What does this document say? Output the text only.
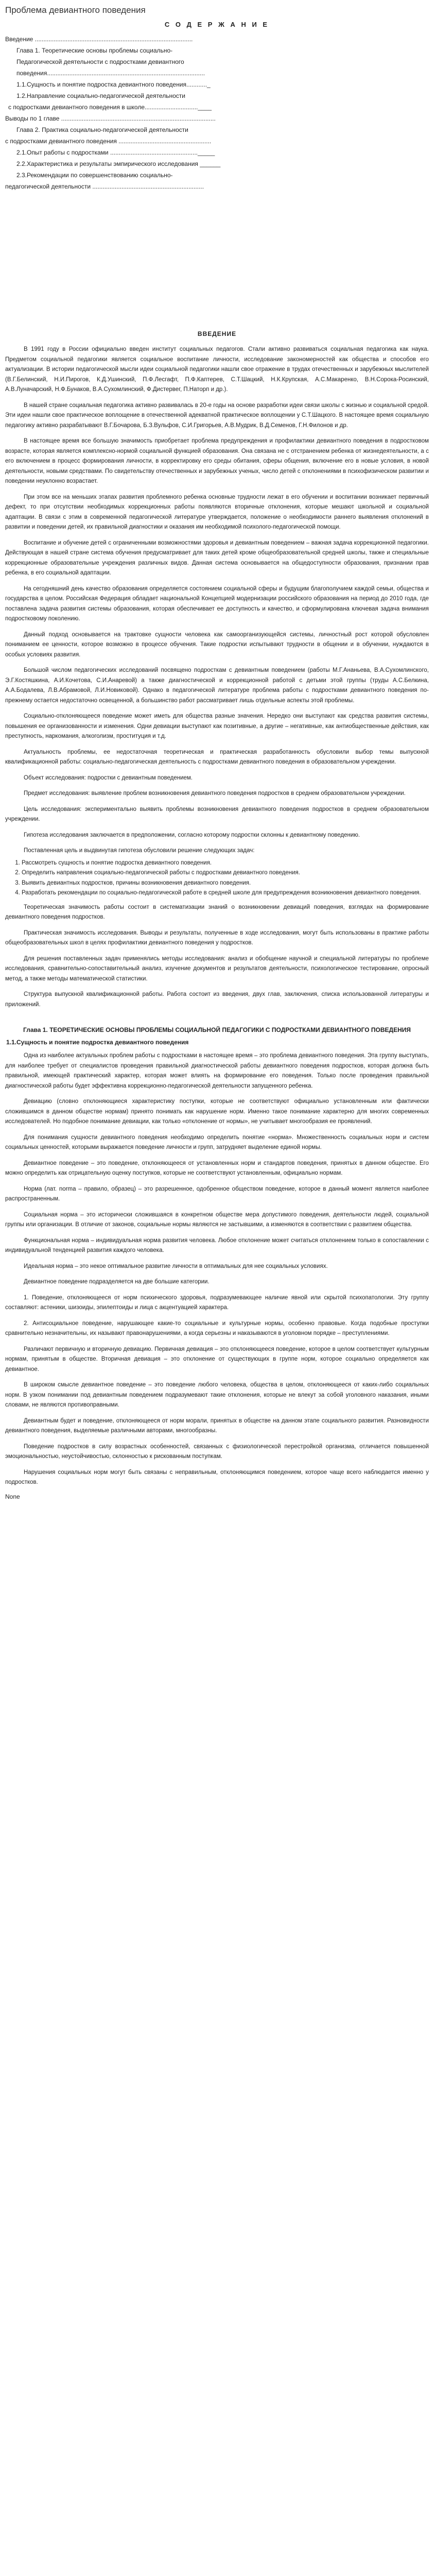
Проблема девиантного поведения
С О Д Е Р Ж А Н И Е
Введение ............................................................................................
Глава 1. Теоретические основы проблемы социально-
Педагогической деятельности с подростками девиантного
поведения............................................................................................
1.1.Сущность и понятие подростка девиантного поведения............_
1.2.Направление социально-педагогической деятельности
с подростками девиантного поведения в школе...............................____
Выводы по 1 главе ..........................................................................................
Глава 2. Практика социально-педагогической деятельности
с подростками девиантного поведения ......................................................
2.1.Опыт работы с подростками ..................................................._____
2.2.Характеристика и результаты эмпирического исследования ______
2.3.Рекомендации по совершенствованию социально-
педагогической деятельности .................................................................
ВВЕДЕНИЕ

В 1991 году в России официально введен институт социальных педагогов. Стали активно развиваться социальная педагогика как наука. Предметом социальной педагогики является социальное воспитание личности, исследование закономерностей как общества и способов его актуализации. В истории педагогической мысли идеи социальной педагогики нашли свое отражение в трудах отечественных и зарубежных мыслителей (В.Г.Белинский, Н.И.Пирогов, К.Д.Ушинский, П.Ф.Лесгафт, П.Ф.Каптерев, С.Т.Шацкий, Н.К.Крупская, А.С.Макаренко, В.Н.Сорока-Росинский, А.В.Луначарский, Н.Ф.Бунаков, В.А.Сухомлинский, Ф.Дистервег, П.Наторп и др.).

В нашей стране социальная педагогика активно развивалась в 20-е годы на основе разработки идеи связи школы с жизнью и социальной средой. Эти идеи нашли свое практическое воплощение в отечественной адекватной практическое воплощении у С.Т.Шацкого. В настоящее время социальную педагогику активно разрабатывают В.Г.Бочарова, Б.З.Вульфов, С.И.Григорьев, А.В.Мудрик, В.Д.Семенов, Г.Н.Филонов и др.

В настоящее время все большую значимость приобретает проблема предупреждения и профилактики девиантного поведения в подростковом возрасте, которая является комплексно-нормой социальной функцией образования. Она связана не с отстранением ребенка от жизнедеятельности, а с его включением в процесс формирования личности, в корректировку его среды обитания, сферы общения, включение его в новые условия, в новой деятельности, новыми средствами. По свидетельству отечественных и зарубежных ученых, число детей с отклонениями в психофизическом развитии и поведении неуклонно возрастает.

При этом все на меньших этапах развития проблемного ребенка основные трудности лежат в его обучении и воспитании возникает первичный дефект, то при отсутствии необходимых коррекционных работы появляются вторичные отклонения, которые мешают школьной и социальной адаптации. В связи с этим в современной педагогической литературе утверждается, положение о необходимости раннего выявления отклонений в развитии и поведении детей, их правильной диагностики и оказания им необходимой психолого-педагогической помощи.

Воспитание и обучение детей с ограниченными возможностями здоровья и девиантным поведением – важная задача коррекционной педагогики. Действующая в нашей стране система обучения предусматривает для таких детей кроме общеобразовательной средней школы, также и специальные коррекционные образовательные учреждения различных видов. Данная система основывается на общедоступности образования, признании прав ребенка, в его социальной адаптации.

На сегодняшний день качество образования определяется состоянием социальной сферы и будущим благополучием каждой семьи, общества и государства в целом. Российская Федерация обладает национальной Концепцией модернизации российского образования на период до 2010 года, где поставлена задача развития системы образования, которая обеспечивает ее доступность и качество, и сформулирована ключевая задача внимания подростковому поколению.

Данный подход основывается на трактовке сущности человека как самоорганизующейся системы, личностный рост которой обусловлен пониманием ее ценности, которое возможно в процессе обучения. Такие подростки испытывают трудности в общении и в обучении, нуждаются в особых условиях развития.

Большой числом педагогических исследований посвящено подросткам с девиантным поведением (работы М.Г.Ананьева, В.А.Сухомлинского, Э.Г.Костяшкина, А.И.Кочетова, С.И.Анаревой) а также диагностической и коррекционной работой с детьми этой группы (труды А.С.Белкина, А.А.Бодалева, Л.В.Абрамовой, Л.И.Новиковой). Однако в педагогической литературе проблема работы с подростками девиантного поведения по-прежнему остается недостаточно освещенной, а большинство работ рассматривает лишь отдельные аспекты этой проблемы.

Социально-отклоняющееся поведение может иметь для общества разные значения. Нередко они выступают как средства развития системы, повышения ее организованности и изменения. Одни девиации выступают как позитивные, а другие – негативные, как антиобщественные действия, как преступность, наркомания, алкоголизм, проституция и т.д.

Актуальность проблемы, ее недостаточная теоретическая и практическая разработанность обусловили выбор темы выпускной квалификационной работы: социально-педагогическая деятельность с подростками девиантного поведения в образовательном учреждении.

Объект исследования: подростки с девиантным поведением.

Предмет исследования: выявление проблем возникновения девиантного поведения подростков в среднем образовательном учреждении.

Цель исследования: экспериментально выявить проблемы возникновения девиантного поведения подростков в среднем образовательном учреждении.

Гипотеза исследования заключается в предположении, согласно которому подростки склонны к девиантному поведению.

Поставленная цель и выдвинутая гипотеза обусловили решение следующих задач:

1. Рассмотреть сущность и понятие подростка девиантного поведения.
2. Определить направления социально-педагогической работы с подростками девиантного поведения.
3. Выявить девиантных подростков, причины возникновения девиантного поведения.
4. Разработать рекомендации по социально-педагогической работе в средней школе для предупреждения возникновения девиантного поведения.

Теоретическая значимость работы состоит в систематизации знаний о возникновении девиаций поведения, взглядах на формирование девиантного поведения подростков.

Практическая значимость исследования. Выводы и результаты, полученные в ходе исследования, могут быть использованы в практике работы общеобразовательных школ в целях профилактики девиантного поведения у подростков.

Для решения поставленных задач применялись методы исследования: анализ и обобщение научной и специальной литературы по проблеме исследования, сравнительно-сопоставительный анализ, изучение документов и результатов деятельности, психологическое тестирование, опросный метод, а также методы математической статистики.

Структура выпускной квалификационной работы. Работа состоит из введения, двух глав, заключения, списка использованной литературы и приложений.

Глава 1. ТЕОРЕТИЧЕСКИЕ ОСНОВЫ ПРОБЛЕМЫ СОЦИАЛЬНОЙ ПЕДАГОГИКИ С ПОДРОСТКАМИ ДЕВИАНТНОГО ПОВЕДЕНИЯ
1.1.Сущность и понятие подростка девиантного поведения

Одна из наиболее актуальных проблем работы с подростками в настоящее время – это проблема девиантного поведения. Эта группу выступать, для наиболее требует от специалистов проведения правильной диагностической работы девиантного поведения подростков, которая должна быть правильной, имеющей практический характер, которая может влиять на формирование его поведения. Только после проведения правильной диагностической работы будет эффективна коррекционно-педагогической деятельности запущенного ребенка.

Девиацию (словно отклоняющиеся характеристику поступки, которые не соответствуют официально установленным или фактически сложившимся в данном обществе нормам) принято понимать как нарушение норм. Именно такое понимание характерно для многих современных исследователей. Но подобное понимание девиации, как только «отклонение от нормы», не учитывает многообразия ее проявлений.

Для понимания сущности девиантного поведения необходимо определить понятие «норма». Множественность социальных норм и систем социальных ценностей, которыми выражается поведение личности и групп, затрудняет выделение единой нормы.

Девиантное поведение – это поведение, отклоняющееся от установленных норм и стандартов поведения, принятых в данном обществе. Его можно определить как отрицательную оценку поступков, которые не соответствуют установленным, официально нормам.

Норма (лат. norma – правило, образец) – это разрешенное, одобренное обществом поведение, которое в данный момент является наиболее распространенным.

Социальная норма – это исторически сложившаяся в конкретном обществе мера допустимого поведения, деятельности людей, социальной группы или организации. В отличие от законов, социальные нормы являются не застывшими, а изменяются в соответствии с развитием общества.

Функциональная норма – индивидуальная норма развития человека. Любое отклонение может считаться отклонением только в сопоставлении с индивидуальной тенденцией развития каждого человека.

Идеальная норма – это некое оптимальное развитие личности в оптимальных для нее социальных условиях.

Девиантное поведение подразделяется на две большие категории.

1. Поведение, отклоняющееся от норм психического здоровья, подразумевающее наличие явной или скрытой психопатологии. Эту группу составляют: астеники, шизоиды, эпилептоиды и лица с акцентуацией характера.

2. Антисоциальное поведение, нарушающее какие-то социальные и культурные нормы, особенно правовые. Когда подобные проступки сравнительно незначительны, их называют правонарушениями, а когда серьезны и наказываются в уголовном порядке – преступлениями.

Различают первичную и вторичную девиацию. Первичная девиация – это отклоняющееся поведение, которое в целом соответствует культурным нормам, принятым в обществе. Вторичная девиация – это отклонение от существующих в группе норм, которое социально определяется как девиантное.

В широком смысле девиантное поведение – это поведение любого человека, общества в целом, отклоняющееся от каких-либо социальных норм. В узком понимании под девиантным поведением подразумевают такие отклонения, которые не влекут за собой уголовного наказания, иными словами, не являются противоправными.

Девиантным будет и поведение, отклоняющееся от норм морали, принятых в обществе на данном этапе социального развития. Разновидности девиантного поведения, выделяемые различными авторами, многообразны.

Поведение подростков в силу возрастных особенностей, связанных с физиологической перестройкой организма, отличается повышенной эмоциональностью, неустойчивостью, склонностью к рискованным поступкам.

Нарушения социальных норм могут быть связаны с неправильным, отклоняющимся поведением, которое чаще всего наблюдается именно у подростков.

None
